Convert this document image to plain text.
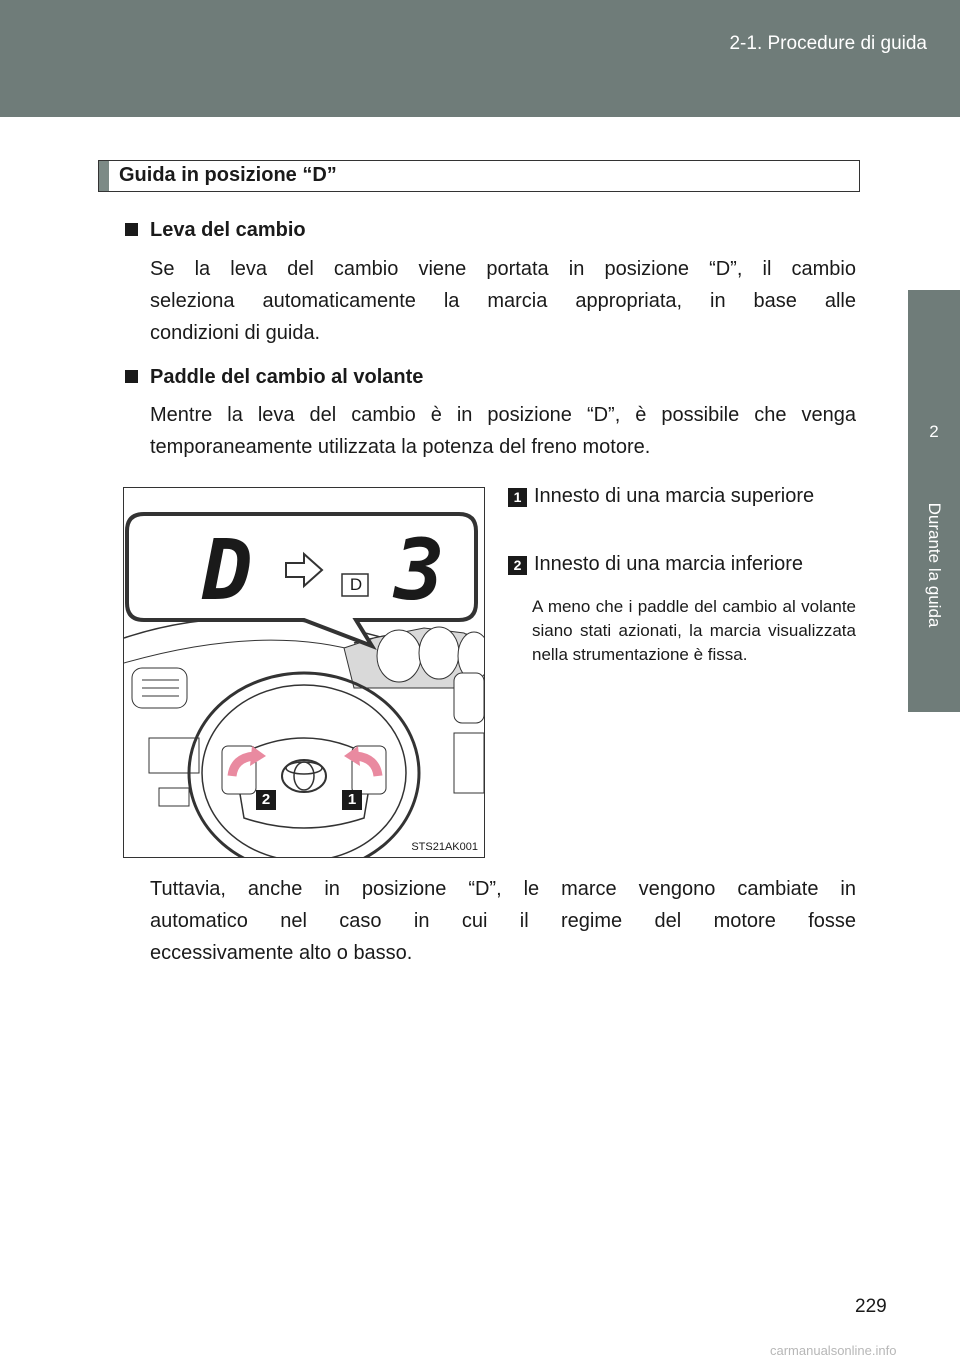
2-1. Procedure di guida
2
Durante la guida
Guida in posizione “D”
Leva del cambio
Se la leva del cambio viene portata in posizione “D”, il cambio
seleziona automaticamente la marcia appropriata, in base alle
condizioni di guida.
Paddle del cambio al volante
Mentre la leva del cambio è in posizione “D”, è possibile che venga
temporaneamente utilizzata la potenza del freno motore.
D 3
D
2	1
STS21AK001
1 Innesto di una marcia superiore
2 Innesto di una marcia inferiore
A meno che i paddle del cambio al volante siano stati azionati, la marcia visualizzata nella strumentazione è fissa.
Tuttavia, anche in posizione “D”, le marce vengono cambiate in
automatico nel caso in cui il regime del motore fosse
eccessivamente alto o basso.
229
carmanualsonline.info
